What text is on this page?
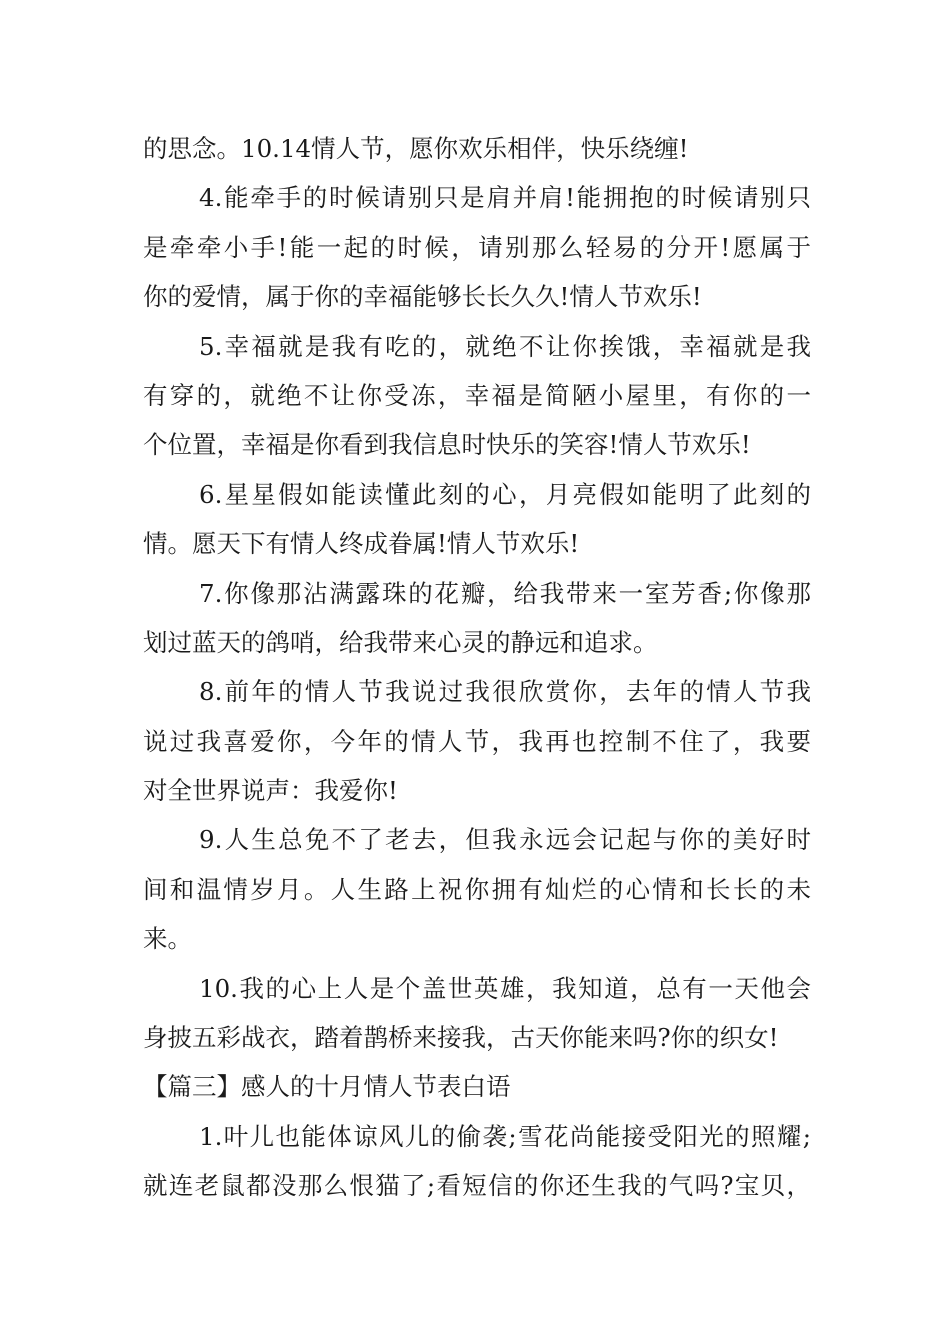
的思念。10.14情人节，愿你欢乐相伴，快乐绕缠!
4.能牵手的时候请别只是肩并肩!能拥抱的时候请别只
是牵牵小手!能一起的时候，请别那么轻易的分开!愿属于
你的爱情，属于你的幸福能够长长久久!情人节欢乐!
5.幸福就是我有吃的，就绝不让你挨饿，幸福就是我
有穿的，就绝不让你受冻，幸福是简陋小屋里，有你的一
个位置，幸福是你看到我信息时快乐的笑容!情人节欢乐!
6.星星假如能读懂此刻的心，月亮假如能明了此刻的
情。愿天下有情人终成眷属!情人节欢乐!
7.你像那沾满露珠的花瓣，给我带来一室芳香;你像那
划过蓝天的鸽哨，给我带来心灵的静远和追求。
8.前年的情人节我说过我很欣赏你，去年的情人节我
说过我喜爱你，今年的情人节，我再也控制不住了，我要
对全世界说声：我爱你!
9.人生总免不了老去，但我永远会记起与你的美好时
间和温情岁月。人生路上祝你拥有灿烂的心情和长长的未
来。
10.我的心上人是个盖世英雄，我知道，总有一天他会
身披五彩战衣，踏着鹊桥来接我，古天你能来吗?你的织女!
【篇三】感人的十月情人节表白语
1.叶儿也能体谅风儿的偷袭;雪花尚能接受阳光的照耀;
就连老鼠都没那么恨猫了;看短信的你还生我的气吗?宝贝，
